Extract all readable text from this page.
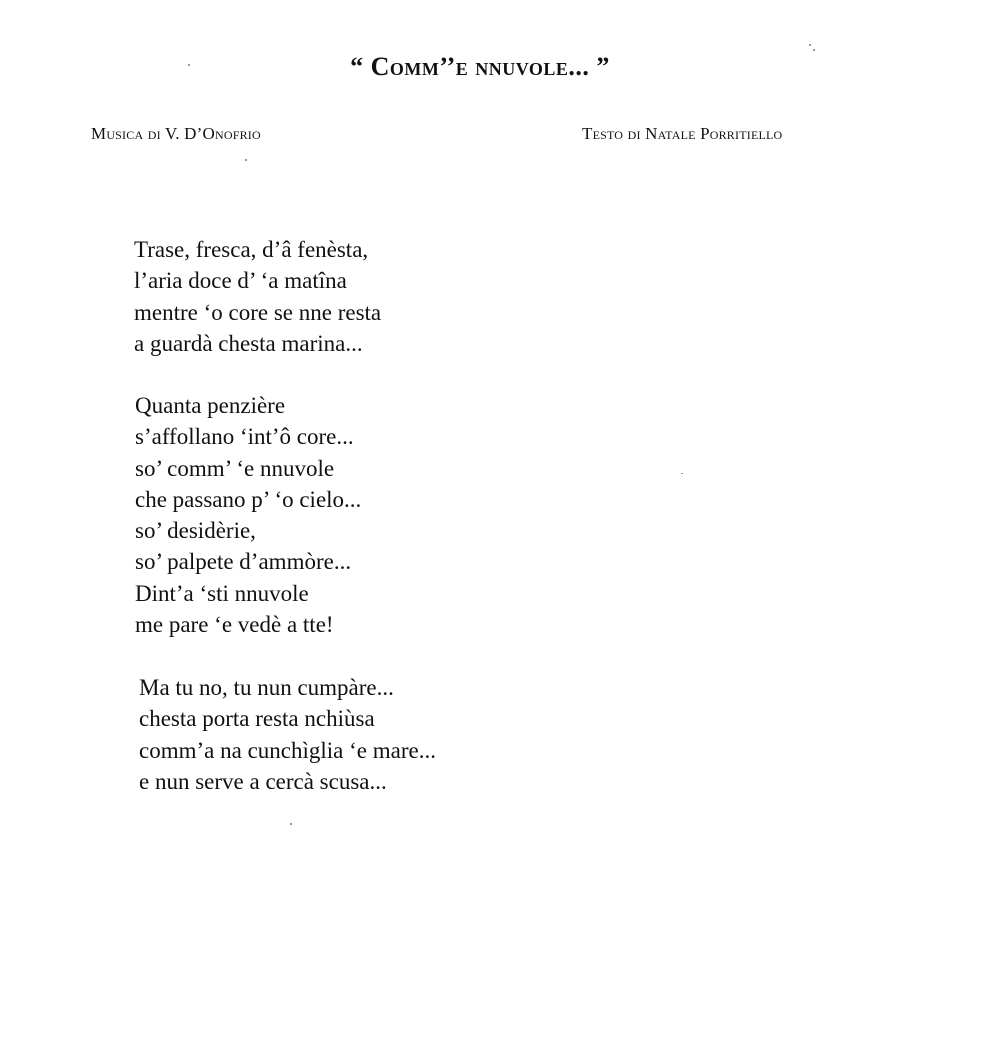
“ Comm’’e nnuvole... ”

Musica di V. D’Onofrio	Testo di Natale Porritiello

Trase, fresca, d’â fenèsta,
l’aria doce d’ ‘a matîna
mentre ‘o core se nne resta
a guardà chesta marina...
Quanta penzière
s’affollano ‘int’ô core...
so’ comm’ ‘e nnuvole
che passano p’ ‘o cielo...
so’ desidèrie,
so’ palpete d’ammòre...
Dint’a ‘sti nnuvole
me pare ‘e vedè a tte!
Ma tu no, tu nun cumpàre...
chesta porta resta nchiùsa
comm’a na cunchìglia ‘e mare...
e nun serve a cercà scusa...
